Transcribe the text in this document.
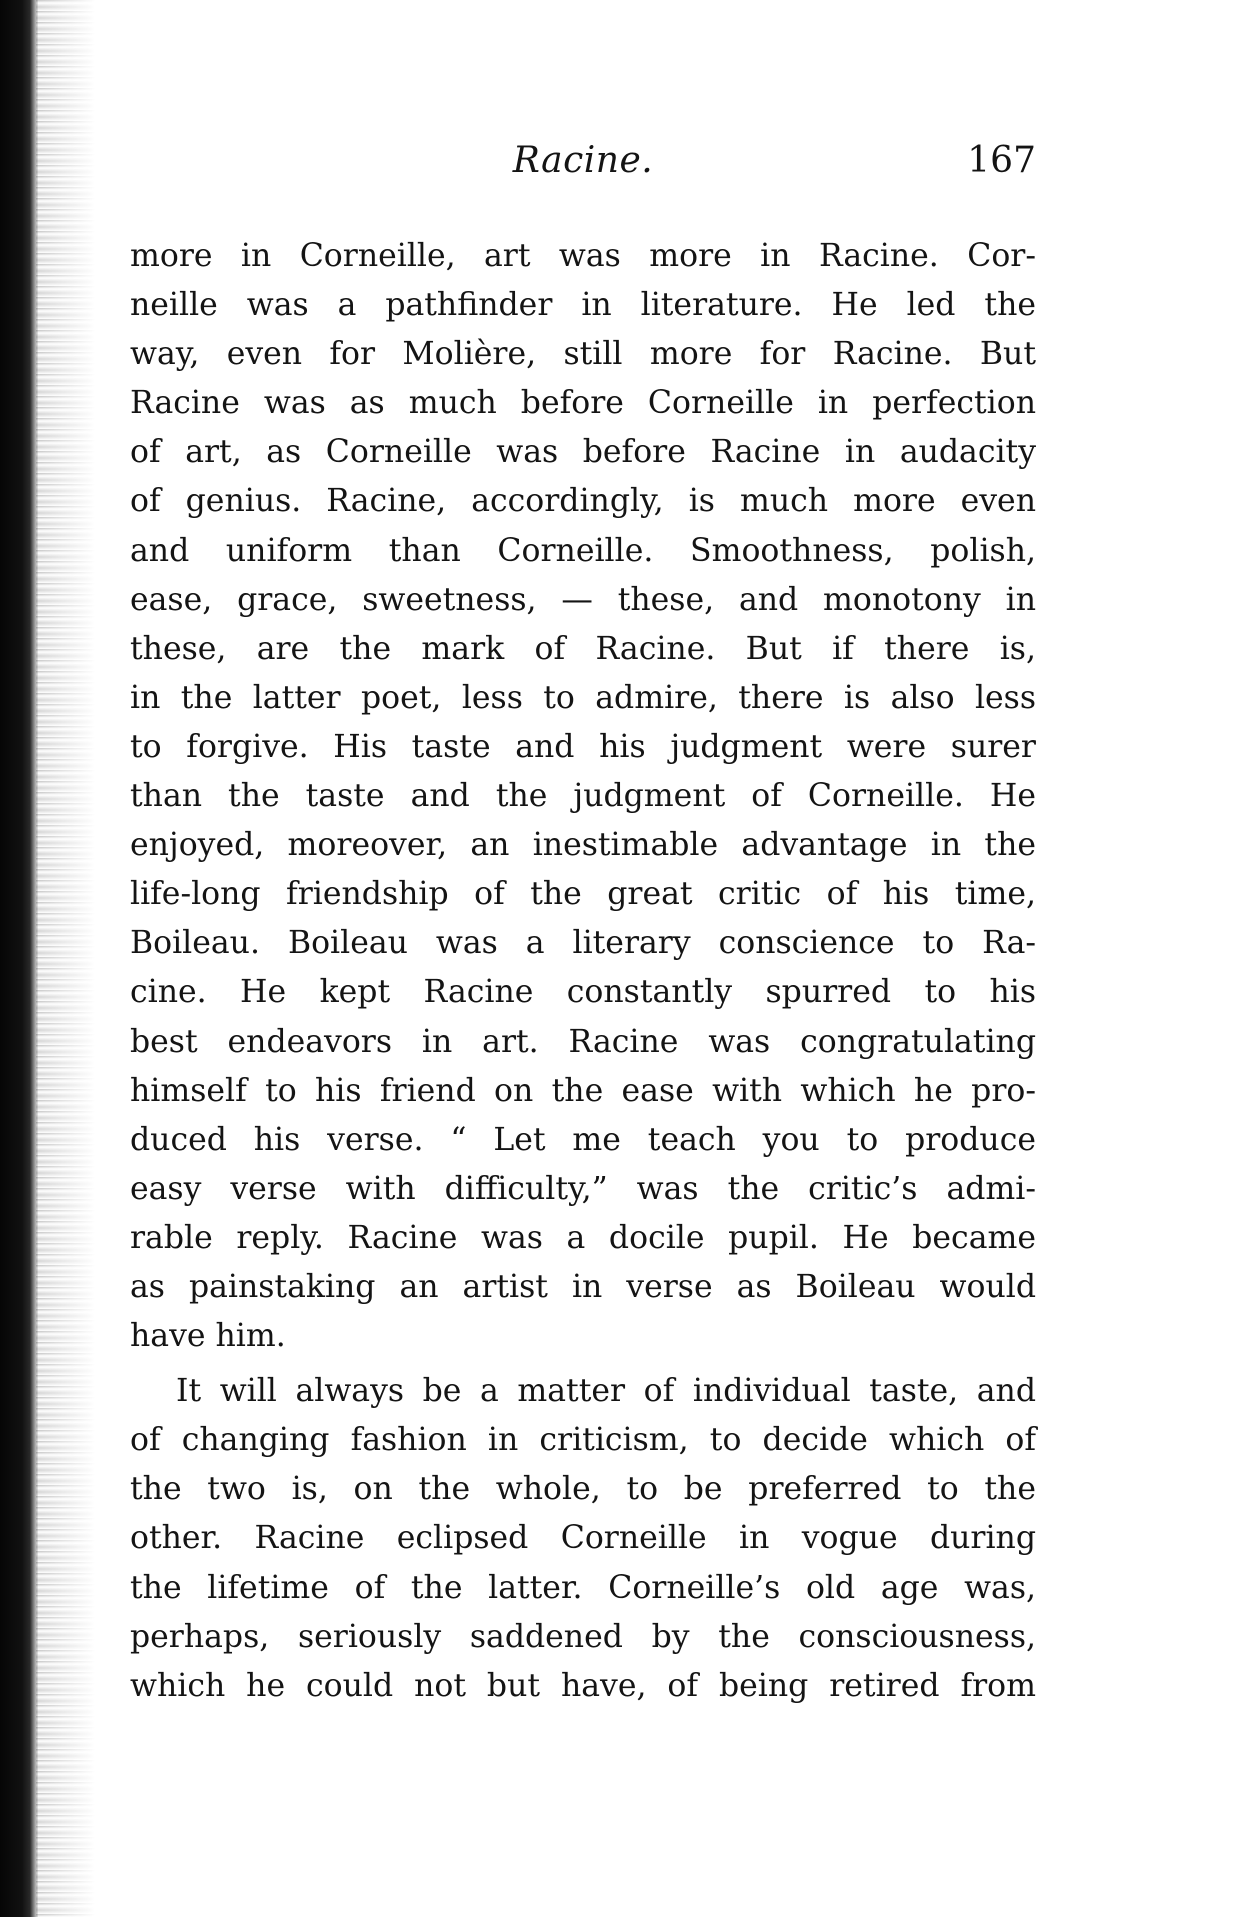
Racine.	167
more in Corneille, art was more in Racine. Cor-
neille was a pathfinder in literature. He led the
way, even for Molière, still more for Racine. But
Racine was as much before Corneille in perfection
of art, as Corneille was before Racine in audacity
of genius. Racine, accordingly, is much more even
and uniform than Corneille. Smoothness, polish,
ease, grace, sweetness, — these, and monotony in
these, are the mark of Racine. But if there is,
in the latter poet, less to admire, there is also less
to forgive. His taste and his judgment were surer
than the taste and the judgment of Corneille. He
enjoyed, moreover, an inestimable advantage in the
life-long friendship of the great critic of his time,
Boileau. Boileau was a literary conscience to Ra-
cine. He kept Racine constantly spurred to his
best endeavors in art. Racine was congratulating
himself to his friend on the ease with which he pro-
duced his verse. “ Let me teach you to produce
easy verse with difficulty,” was the critic’s admi-
rable reply. Racine was a docile pupil. He became
as painstaking an artist in verse as Boileau would
have him.
It will always be a matter of individual taste, and
of changing fashion in criticism, to decide which of
the two is, on the whole, to be preferred to the
other. Racine eclipsed Corneille in vogue during
the lifetime of the latter. Corneille’s old age was,
perhaps, seriously saddened by the consciousness,
which he could not but have, of being retired from
